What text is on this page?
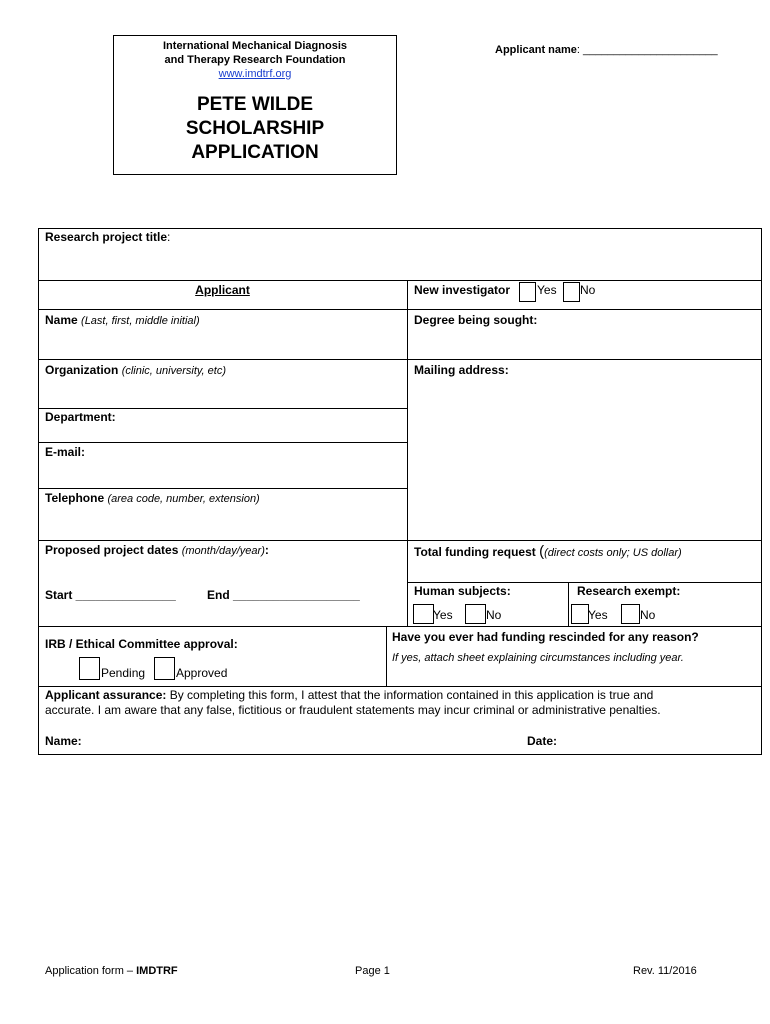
International Mechanical Diagnosis
and Therapy Research Foundation
www.imdtrf.org
PETE WILDE
SCHOLARSHIP
APPLICATION
Applicant name: ______________________
Research project title:
Applicant	New investigator Yes No
Name (Last, first, middle initial)	Degree being sought:
Organization (clinic, university, etc)	Mailing address:
Department:
E-mail:
Telephone (area code, number, extension)
Proposed project dates (month/day/year):	Total funding request ((direct costs only; US dollar)
Start _______________	End ___________________	Human subjects:	Research exempt:
Yes	No	Yes	No
IRB / Ethical Committee approval:
Pending	Approved
Have you ever had funding rescinded for any reason?
If yes, attach sheet explaining circumstances including year.
Applicant assurance: By completing this form, I attest that the information contained in this application is true and
accurate. I am aware that any false, fictitious or fraudulent statements may incur criminal or administrative penalties.
Name:	Date:
Application form – IMDTRF	Page 1	Rev. 11/2016
